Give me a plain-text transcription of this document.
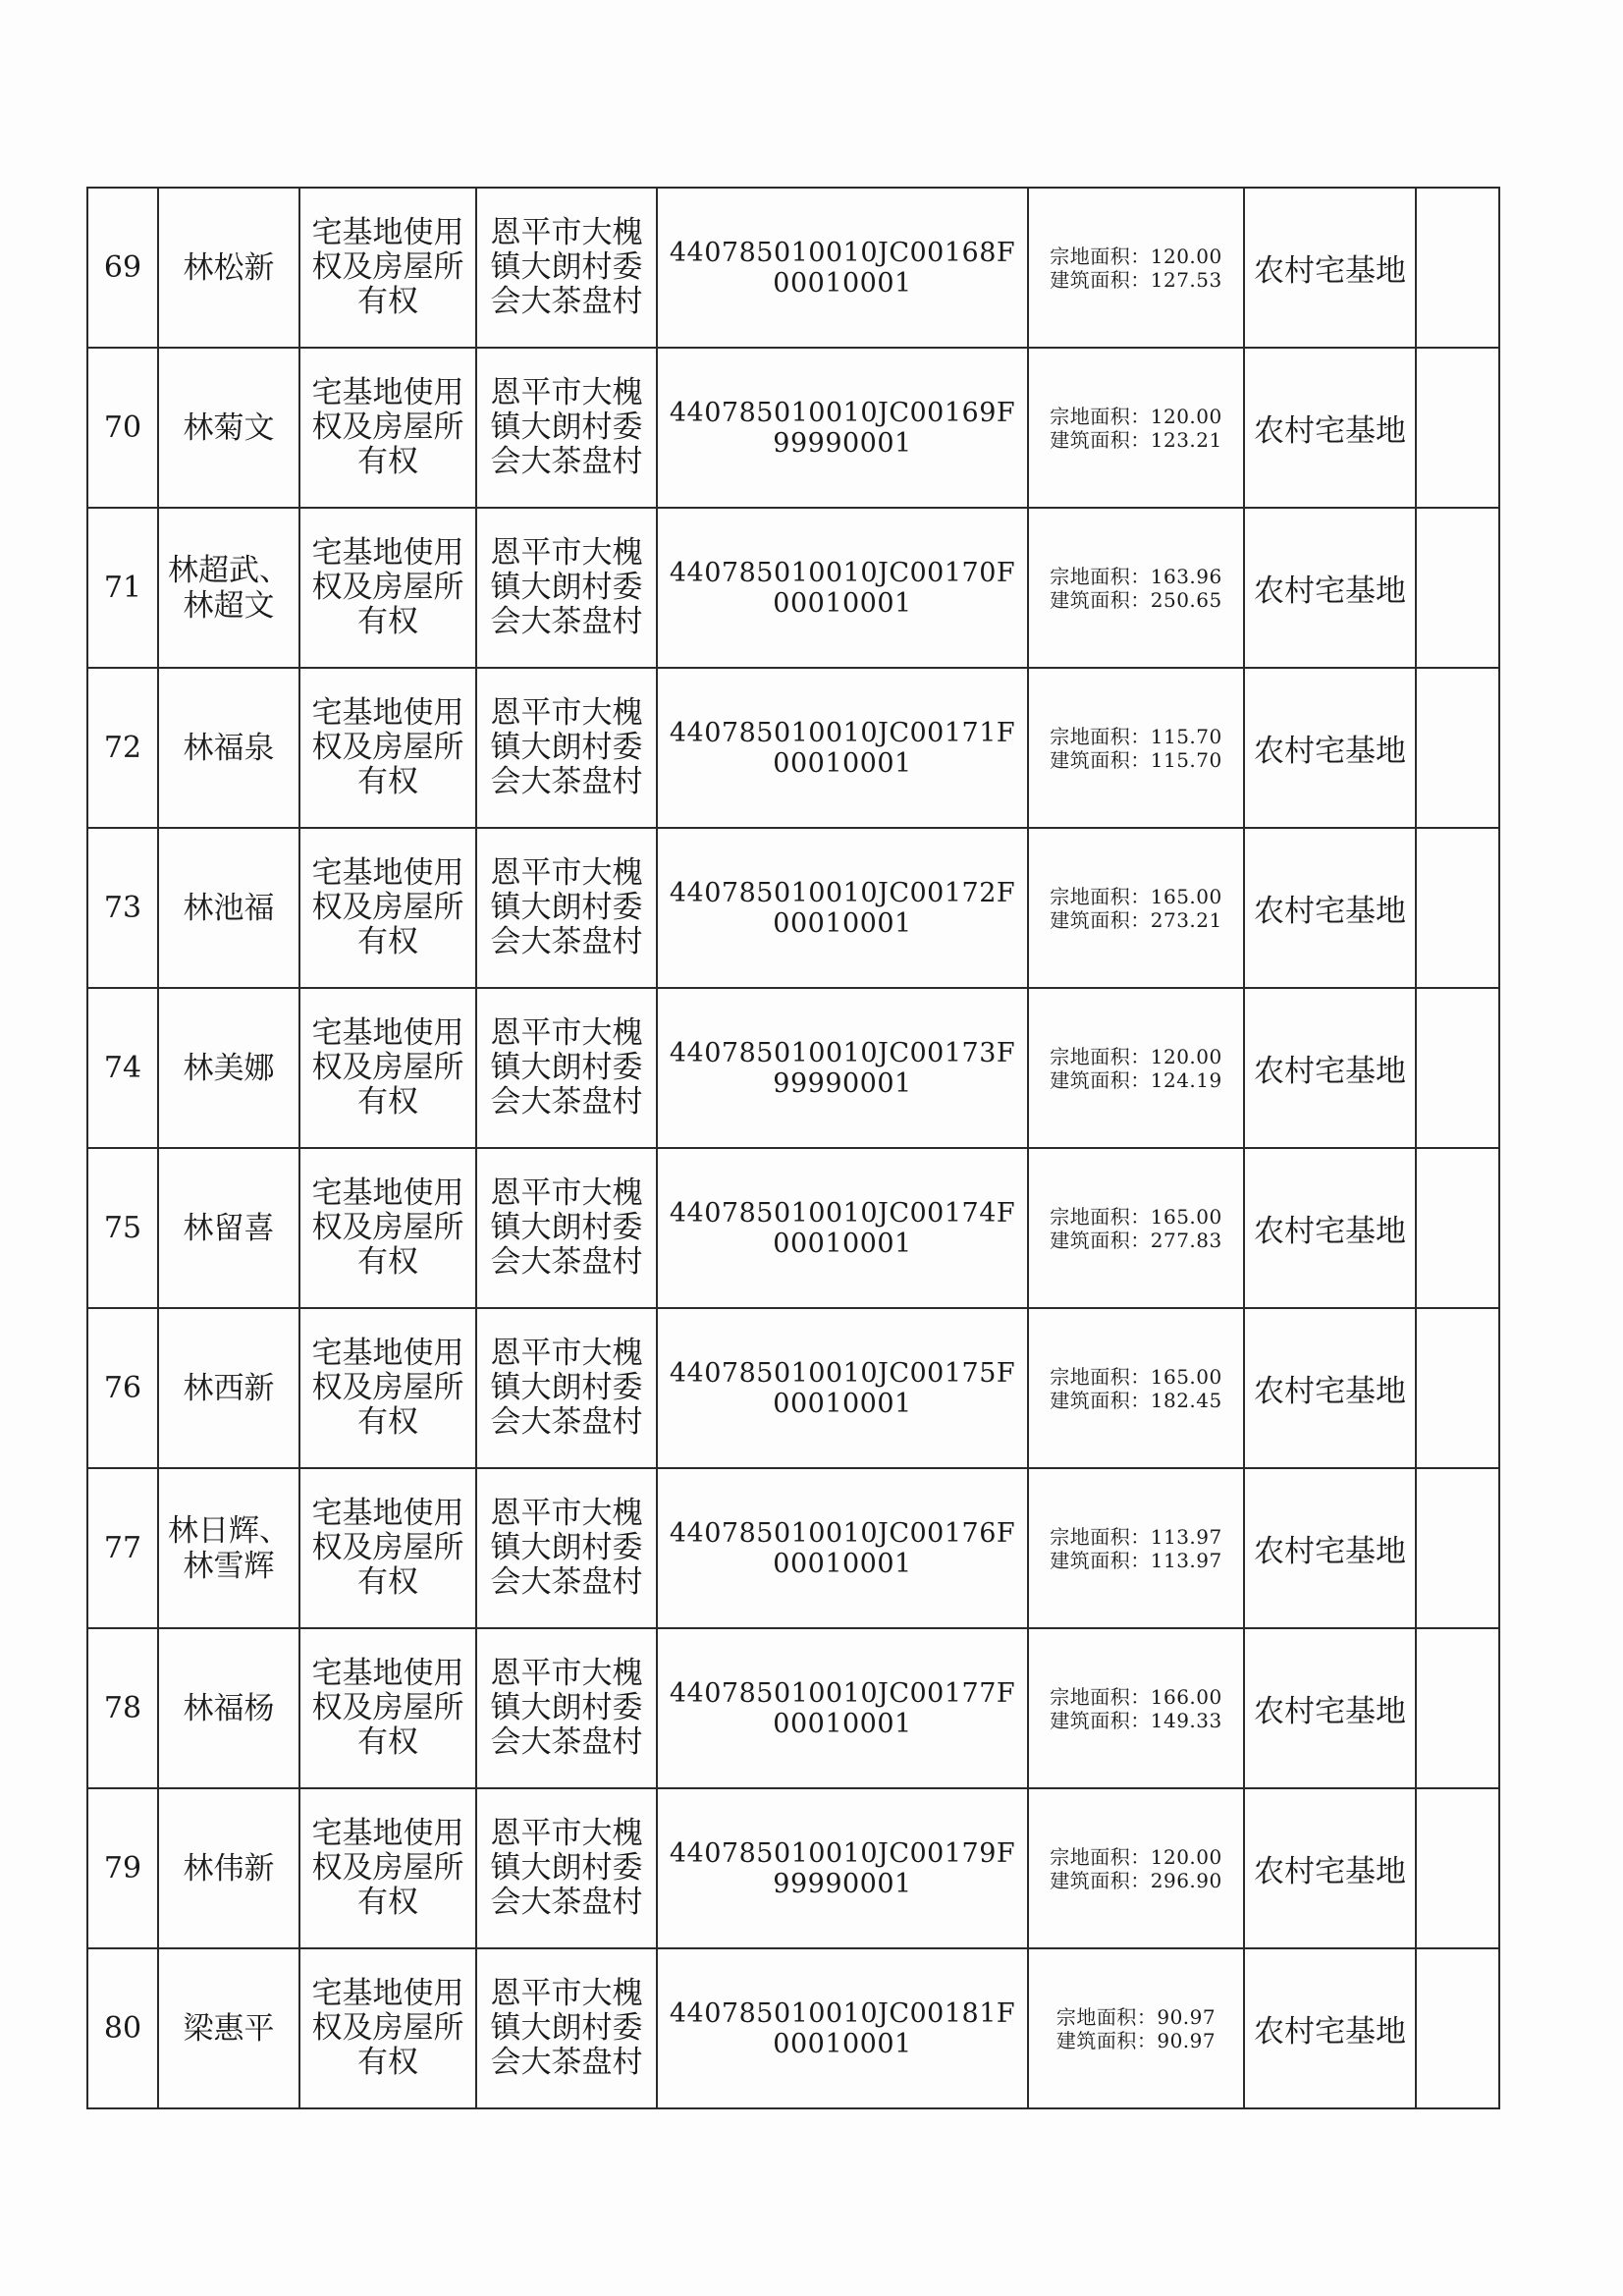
69	林松新	宅基地使用权及房屋所有权	恩平市大槐镇大朗村委会大茶盘村	440785010010JC00168F00010001	宗地面积：120.00
建筑面积：127.53	农村宅基地	
70	林菊文	宅基地使用权及房屋所有权	恩平市大槐镇大朗村委会大茶盘村	440785010010JC00169F99990001	宗地面积：120.00
建筑面积：123.21	农村宅基地	
71	林超武、林超文	宅基地使用权及房屋所有权	恩平市大槐镇大朗村委会大茶盘村	440785010010JC00170F00010001	宗地面积：163.96
建筑面积：250.65	农村宅基地	
72	林福泉	宅基地使用权及房屋所有权	恩平市大槐镇大朗村委会大茶盘村	440785010010JC00171F00010001	宗地面积：115.70
建筑面积：115.70	农村宅基地	
73	林池福	宅基地使用权及房屋所有权	恩平市大槐镇大朗村委会大茶盘村	440785010010JC00172F00010001	宗地面积：165.00
建筑面积：273.21	农村宅基地	
74	林美娜	宅基地使用权及房屋所有权	恩平市大槐镇大朗村委会大茶盘村	440785010010JC00173F99990001	宗地面积：120.00
建筑面积：124.19	农村宅基地	
75	林留喜	宅基地使用权及房屋所有权	恩平市大槐镇大朗村委会大茶盘村	440785010010JC00174F00010001	宗地面积：165.00
建筑面积：277.83	农村宅基地	
76	林西新	宅基地使用权及房屋所有权	恩平市大槐镇大朗村委会大茶盘村	440785010010JC00175F00010001	宗地面积：165.00
建筑面积：182.45	农村宅基地	
77	林日辉、林雪辉	宅基地使用权及房屋所有权	恩平市大槐镇大朗村委会大茶盘村	440785010010JC00176F00010001	宗地面积：113.97
建筑面积：113.97	农村宅基地	
78	林福杨	宅基地使用权及房屋所有权	恩平市大槐镇大朗村委会大茶盘村	440785010010JC00177F00010001	宗地面积：166.00
建筑面积：149.33	农村宅基地	
79	林伟新	宅基地使用权及房屋所有权	恩平市大槐镇大朗村委会大茶盘村	440785010010JC00179F99990001	宗地面积：120.00
建筑面积：296.90	农村宅基地	
80	梁惠平	宅基地使用权及房屋所有权	恩平市大槐镇大朗村委会大茶盘村	440785010010JC00181F00010001	宗地面积：90.97
建筑面积：90.97	农村宅基地	
